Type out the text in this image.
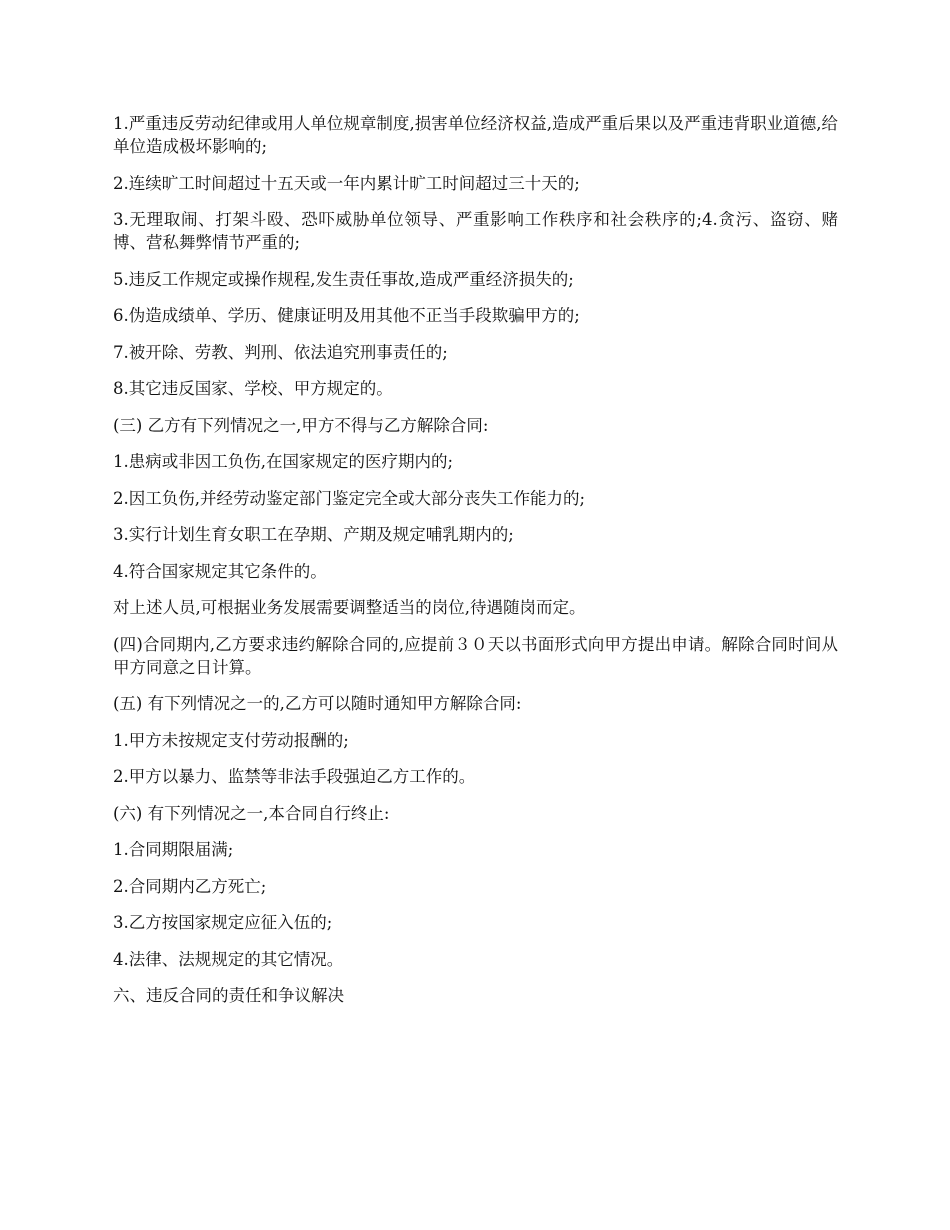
1.严重违反劳动纪律或用人单位规章制度,损害单位经济权益,造成严重后果以及严重违背职业道德,给单位造成极坏影响的;

2.连续旷工时间超过十五天或一年内累计旷工时间超过三十天的;

3.无理取闹、打架斗殴、恐吓威胁单位领导、严重影响工作秩序和社会秩序的;4.贪污、盗窃、赌博、营私舞弊情节严重的;

5.违反工作规定或操作规程,发生责任事故,造成严重经济损失的;

6.伪造成绩单、学历、健康证明及用其他不正当手段欺骗甲方的;

7.被开除、劳教、判刑、依法追究刑事责任的;

8.其它违反国家、学校、甲方规定的。

(三) 乙方有下列情况之一,甲方不得与乙方解除合同:

1.患病或非因工负伤,在国家规定的医疗期内的;

2.因工负伤,并经劳动鉴定部门鉴定完全或大部分丧失工作能力的;

3.实行计划生育女职工在孕期、产期及规定哺乳期内的;

4.符合国家规定其它条件的。

对上述人员,可根据业务发展需要调整适当的岗位,待遇随岗而定。

(四)合同期内,乙方要求违约解除合同的,应提前３０天以书面形式向甲方提出申请。解除合同时间从甲方同意之日计算。

(五) 有下列情况之一的,乙方可以随时通知甲方解除合同:

1.甲方未按规定支付劳动报酬的;

2.甲方以暴力、监禁等非法手段强迫乙方工作的。

(六) 有下列情况之一,本合同自行终止:

1.合同期限届满;

2.合同期内乙方死亡;

3.乙方按国家规定应征入伍的;

4.法律、法规规定的其它情况。

六、违反合同的责任和争议解决
